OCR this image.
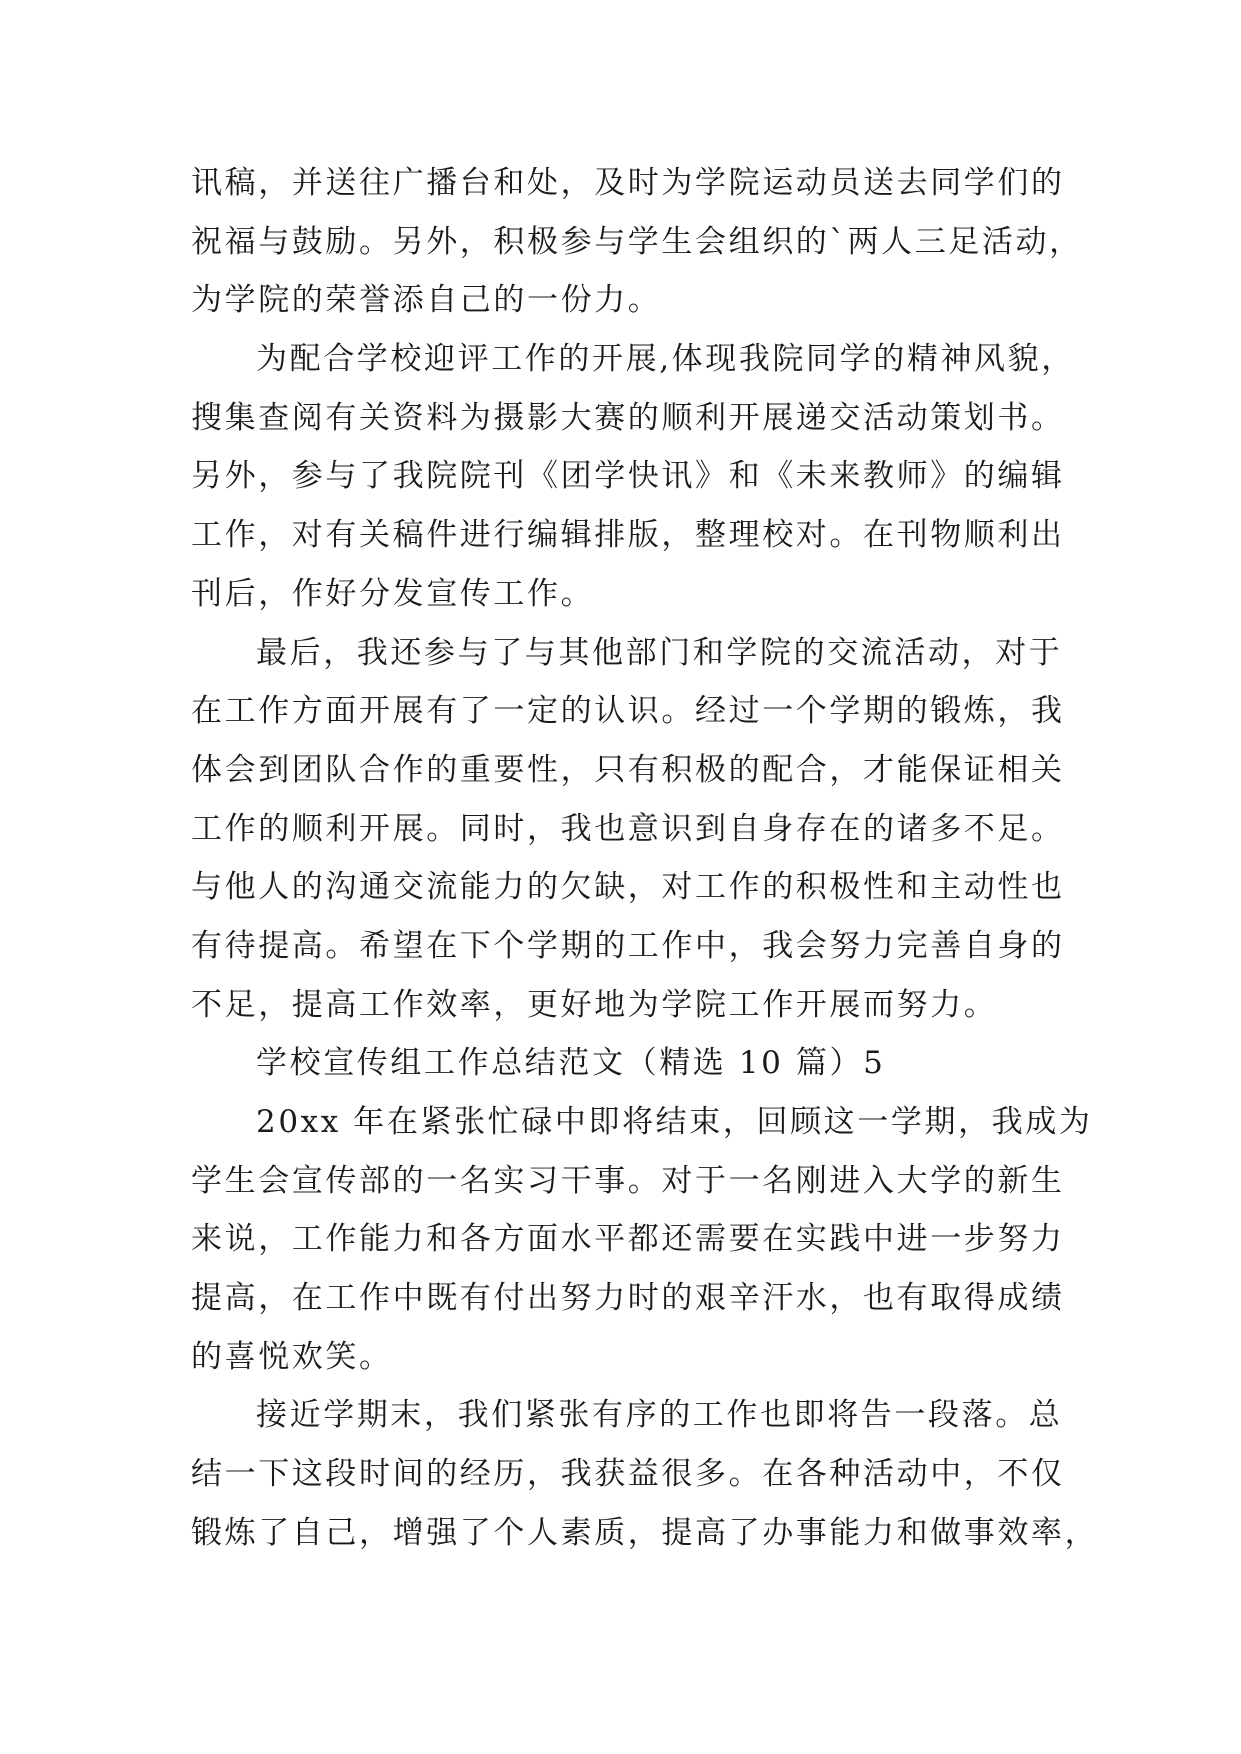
讯稿，并送往广播台和处，及时为学院运动员送去同学们的
祝福与鼓励。另外，积极参与学生会组织的`两人三足活动，
为学院的荣誉添自己的一份力。
为配合学校迎评工作的开展,体现我院同学的精神风貌，
搜集查阅有关资料为摄影大赛的顺利开展递交活动策划书。
另外，参与了我院院刊《团学快讯》和《未来教师》的编辑
工作，对有关稿件进行编辑排版，整理校对。在刊物顺利出
刊后，作好分发宣传工作。
最后，我还参与了与其他部门和学院的交流活动，对于
在工作方面开展有了一定的认识。经过一个学期的锻炼，我
体会到团队合作的重要性，只有积极的配合，才能保证相关
工作的顺利开展。同时，我也意识到自身存在的诸多不足。
与他人的沟通交流能力的欠缺，对工作的积极性和主动性也
有待提高。希望在下个学期的工作中，我会努力完善自身的
不足，提高工作效率，更好地为学院工作开展而努力。
学校宣传组工作总结范文（精选 10 篇）5
20xx 年在紧张忙碌中即将结束，回顾这一学期，我成为
学生会宣传部的一名实习干事。对于一名刚进入大学的新生
来说，工作能力和各方面水平都还需要在实践中进一步努力
提高，在工作中既有付出努力时的艰辛汗水，也有取得成绩
的喜悦欢笑。
接近学期末，我们紧张有序的工作也即将告一段落。总
结一下这段时间的经历，我获益很多。在各种活动中，不仅
锻炼了自己，增强了个人素质，提高了办事能力和做事效率，
